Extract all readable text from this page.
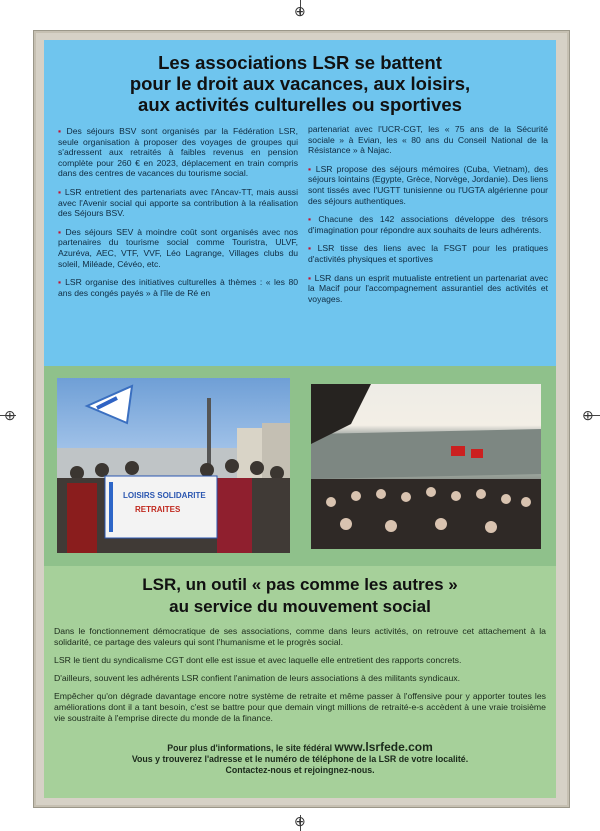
⊕
⊕
⊕	⊕
Les associations LSR se battent
pour le droit aux vacances, aux loisirs,
aux activités culturelles ou sportives

▪ Des séjours BSV sont organisés par la Fédération LSR, seule organisation à proposer des voyages de groupes qui s'adressent aux retraités à faibles revenus en pension complète pour 260 € en 2023, déplacement en train compris dans des centres de vacances du tourisme social.

▪ LSR entretient des partenariats avec l'Ancav-TT, mais aussi avec l'Avenir social qui apporte sa contribution à la réalisation des Séjours BSV.

▪ Des séjours SEV à moindre coût sont organisés avec nos partenaires du tourisme social comme Touristra, ULVF, Azuréva, AEC, VTF, VVF, Léo Lagrange, Villages clubs du soleil, Miléade, Cévéo, etc.

▪ LSR organise des initiatives culturelles à thèmes : « les 80 ans des congés payés » à l'île de Ré en

partenariat avec l'UCR-CGT, les « 75 ans de la Sécurité sociale » à Evian, les « 80 ans du Conseil National de la Résistance » à Najac.

▪ LSR propose des séjours mémoires (Cuba, Vietnam), des séjours lointains (Egypte, Grèce, Norvège, Jordanie). Des liens sont tissés avec l'UGTT tunisienne ou l'UGTA algérienne pour des séjours authentiques.

▪ Chacune des 142 associations développe des trésors d'imagination pour répondre aux souhaits de leurs adhérents.

▪ LSR tisse des liens avec la FSGT pour les pratiques d'activités physiques et sportives

▪ LSR dans un esprit mutualiste entretient un partenariat avec la Macif pour l'accompagnement assurantiel des activités et voyages.

LOISIRS SOLIDARITE
RETRAITES
LSR, un outil « pas comme les autres »
au service du mouvement social

Dans le fonctionnement démocratique de ses associations, comme dans leurs activités, on retrouve cet attachement à la solidarité, ce partage des valeurs qui sont l'humanisme et le progrès social.

LSR le tient du syndicalisme CGT dont elle est issue et avec laquelle elle entretient des rapports concrets.

D'ailleurs, souvent les adhérents LSR confient l'animation de leurs associations à des militants syndicaux.

Empêcher qu'on dégrade davantage encore notre système de retraite et même passer à l'offensive pour y apporter toutes les améliorations dont il a tant besoin, c'est se battre pour que demain vingt millions de retraité-e-s accèdent à une vraie troisième vie soustraite à l'emprise directe du monde de la finance.

Pour plus d'informations, le site fédéral www.lsrfede.com
Vous y trouverez l'adresse et le numéro de téléphone de la LSR de votre localité.
Contactez-nous et rejoingnez-nous.
